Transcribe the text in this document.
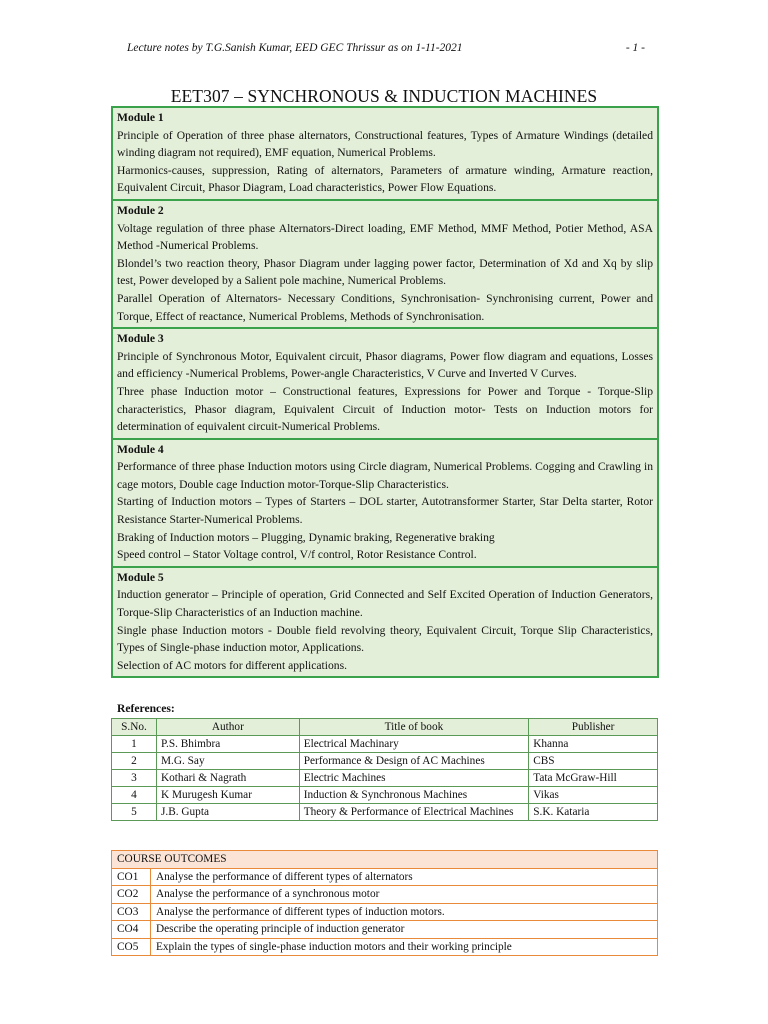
Lecture notes by T.G.Sanish Kumar, EED GEC Thrissur as on 1-11-2021	- 1 -
EET307 – SYNCHRONOUS & INDUCTION MACHINES
Module 1
Principle of Operation of three phase alternators, Constructional features, Types of Armature Windings (detailed winding diagram not required), EMF equation, Numerical Problems.
Harmonics-causes, suppression, Rating of alternators, Parameters of armature winding, Armature reaction, Equivalent Circuit, Phasor Diagram, Load characteristics, Power Flow Equations.
Module 2
Voltage regulation of three phase Alternators-Direct loading, EMF Method, MMF Method, Potier Method, ASA Method -Numerical Problems.
Blondel’s two reaction theory, Phasor Diagram under lagging power factor, Determination of Xd and Xq by slip test, Power developed by a Salient pole machine, Numerical Problems.
Parallel Operation of Alternators- Necessary Conditions, Synchronisation- Synchronising current, Power and Torque, Effect of reactance, Numerical Problems, Methods of Synchronisation.
Module 3
Principle of Synchronous Motor, Equivalent circuit, Phasor diagrams, Power flow diagram and equations, Losses and efficiency -Numerical Problems, Power-angle Characteristics, V Curve and Inverted V Curves.
Three phase Induction motor – Constructional features, Expressions for Power and Torque - Torque-Slip characteristics, Phasor diagram, Equivalent Circuit of Induction motor- Tests on Induction motors for determination of equivalent circuit-Numerical Problems.
Module 4
Performance of three phase Induction motors using Circle diagram, Numerical Problems. Cogging and Crawling in cage motors, Double cage Induction motor-Torque-Slip Characteristics.
Starting of Induction motors – Types of Starters – DOL starter, Autotransformer Starter, Star Delta starter, Rotor Resistance Starter-Numerical Problems.
Braking of Induction motors – Plugging, Dynamic braking, Regenerative braking
Speed control – Stator Voltage control, V/f control, Rotor Resistance Control.
Module 5
Induction generator – Principle of operation, Grid Connected and Self Excited Operation of Induction Generators, Torque-Slip Characteristics of an Induction machine.
Single phase Induction motors - Double field revolving theory, Equivalent Circuit, Torque Slip Characteristics, Types of Single-phase induction motor, Applications.
Selection of AC motors for different applications.
References:
S.No.	Author	Title of book	Publisher
1	P.S. Bhimbra	Electrical Machinary	Khanna
2	M.G. Say	Performance & Design of AC Machines	CBS
3	Kothari & Nagrath	Electric Machines	Tata McGraw-Hill
4	K Murugesh Kumar	Induction & Synchronous Machines	Vikas
5	J.B. Gupta	Theory & Performance of Electrical Machines	S.K. Kataria
COURSE OUTCOMES	
CO1	Analyse the performance of different types of alternators
CO2	Analyse the performance of a synchronous motor
CO3	Analyse the performance of different types of induction motors.
CO4	Describe the operating principle of induction generator
CO5	Explain the types of single-phase induction motors and their working principle
